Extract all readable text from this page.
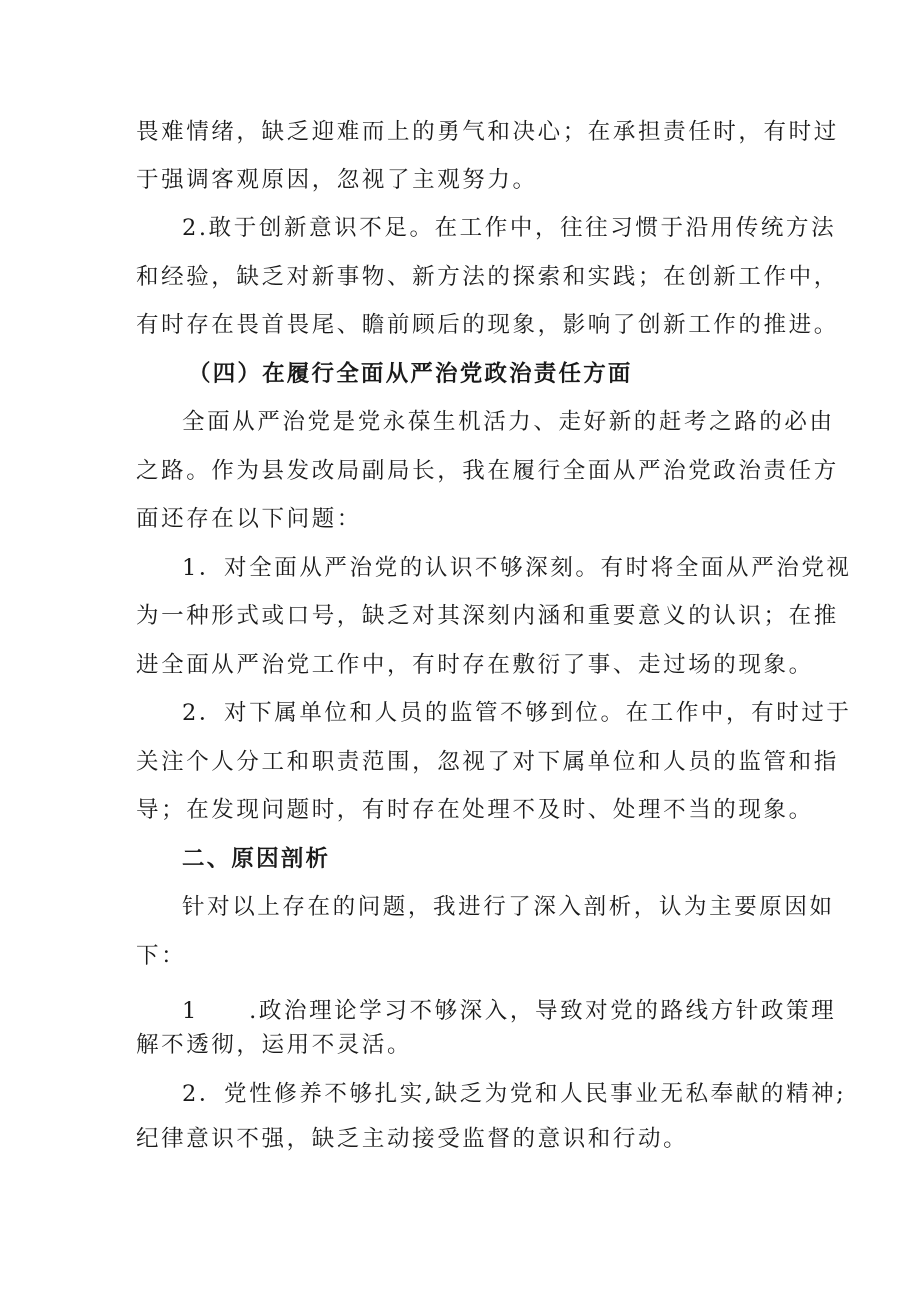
畏难情绪，缺乏迎难而上的勇气和决心；在承担责任时，有时过
于强调客观原因，忽视了主观努力。
2.敢于创新意识不足。在工作中，往往习惯于沿用传统方法
和经验，缺乏对新事物、新方法的探索和实践；在创新工作中，
有时存在畏首畏尾、瞻前顾后的现象，影响了创新工作的推进。
（四）在履行全面从严治党政治责任方面
全面从严治党是党永葆生机活力、走好新的赶考之路的必由
之路。作为县发改局副局长，我在履行全面从严治党政治责任方
面还存在以下问题：
1．对全面从严治党的认识不够深刻。有时将全面从严治党视
为一种形式或口号，缺乏对其深刻内涵和重要意义的认识；在推
进全面从严治党工作中，有时存在敷衍了事、走过场的现象。
2．对下属单位和人员的监管不够到位。在工作中，有时过于
关注个人分工和职责范围，忽视了对下属单位和人员的监管和指
导；在发现问题时，有时存在处理不及时、处理不当的现象。
二、原因剖析
针对以上存在的问题，我进行了深入剖析，认为主要原因如
下：
1　　.政治理论学习不够深入，导致对党的路线方针政策理
解不透彻，运用不灵活。
2．党性修养不够扎实,缺乏为党和人民事业无私奉献的精神;
纪律意识不强，缺乏主动接受监督的意识和行动。
